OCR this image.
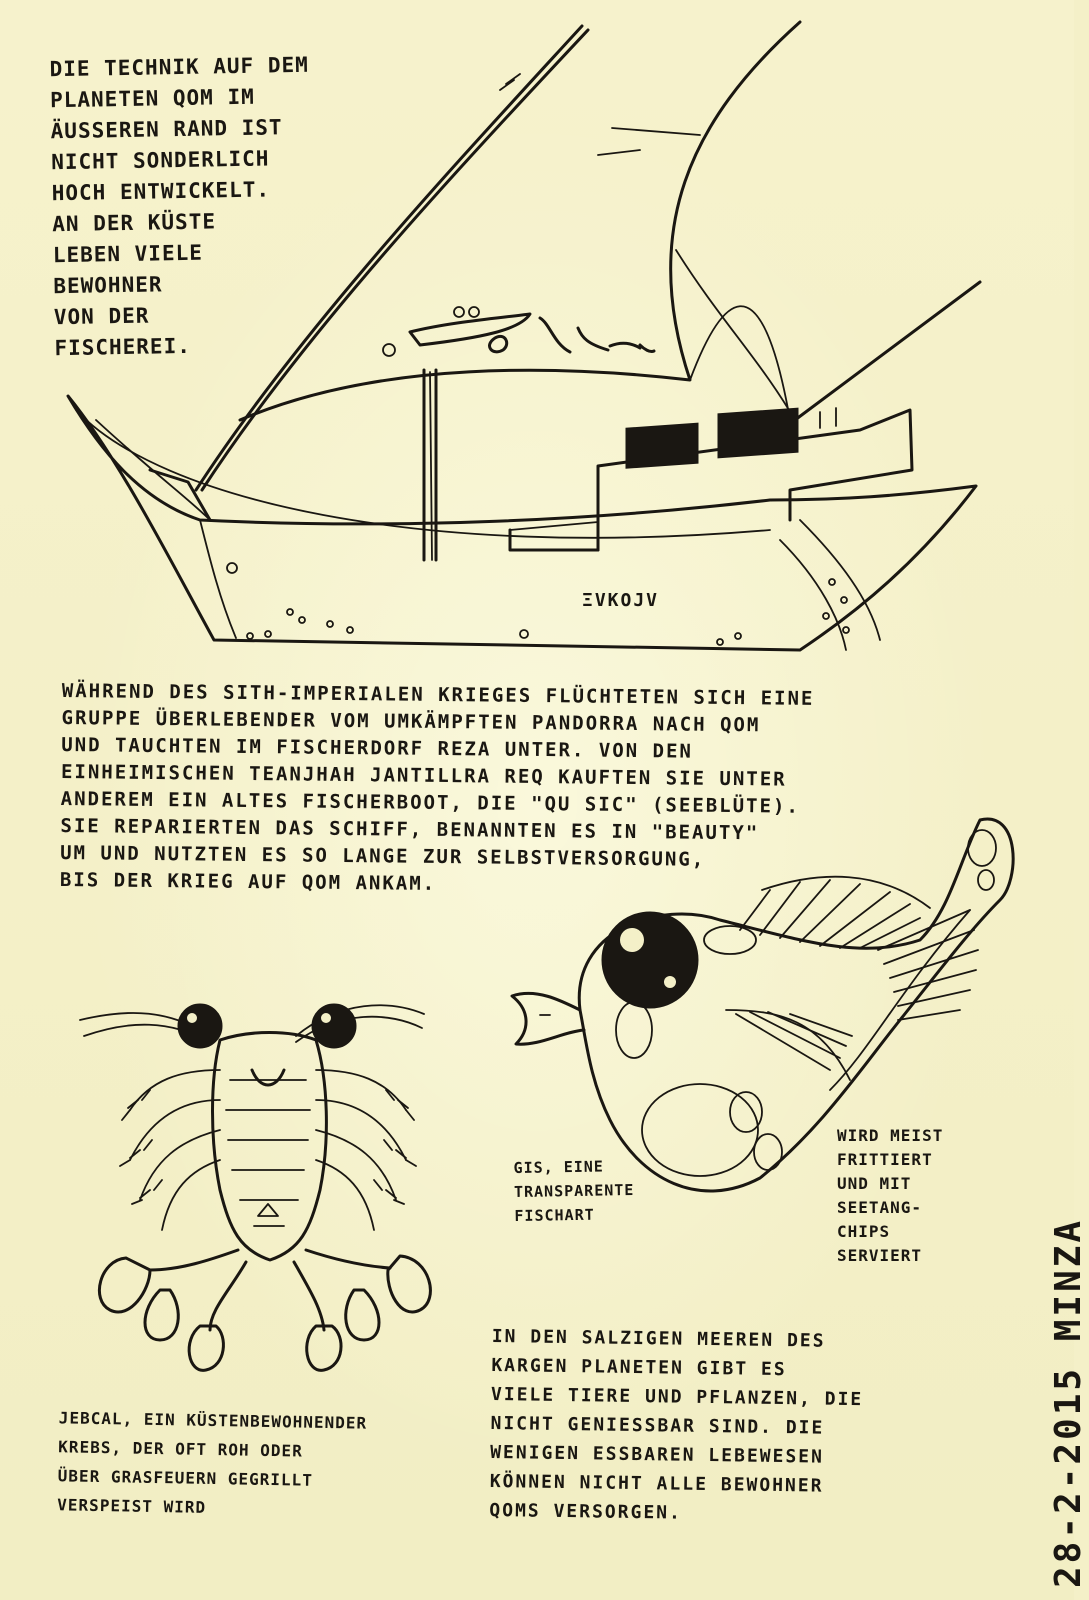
DIE TECHNIK AUF DEM
PLANETEN QOM IM
ÄUSSEREN RAND IST
NICHT SONDERLICH
HOCH ENTWICKELT.
AN DER KÜSTE
LEBEN VIELE
BEWOHNER
VON DER
FISCHEREI.
ΞVKOJV
WÄHREND DES SITH-IMPERIALEN KRIEGES FLÜCHTETEN SICH EINE
GRUPPE ÜBERLEBENDER VOM UMKÄMPFTEN PANDORRA NACH QOM
UND TAUCHTEN IM FISCHERDORF REZA UNTER. VON DEN
EINHEIMISCHEN TEANJHAH JANTILLRA REQ KAUFTEN SIE UNTER
ANDEREM EIN ALTES FISCHERBOOT, DIE "QU SIC" (SEEBLÜTE).
SIE REPARIERTEN DAS SCHIFF, BENANNTEN ES IN "BEAUTY"
UM UND NUTZTEN ES SO LANGE ZUR SELBSTVERSORGUNG,
BIS DER KRIEG AUF QOM ANKAM.
GIS, EINE
TRANSPARENTE
FISCHART
WIRD MEIST
FRITTIERT
UND MIT
SEETANG-
CHIPS
SERVIERT
JEBCAL, EIN KÜSTENBEWOHNENDER
KREBS, DER OFT ROH ODER
ÜBER GRASFEUERN GEGRILLT
VERSPEIST WIRD
IN DEN SALZIGEN MEEREN DES
KARGEN PLANETEN GIBT ES
VIELE TIERE UND PFLANZEN, DIE
NICHT GENIESSBAR SIND. DIE
WENIGEN ESSBAREN LEBEWESEN
KÖNNEN NICHT ALLE BEWOHNER
QOMS VERSORGEN.	28-2-2015 MINZA
